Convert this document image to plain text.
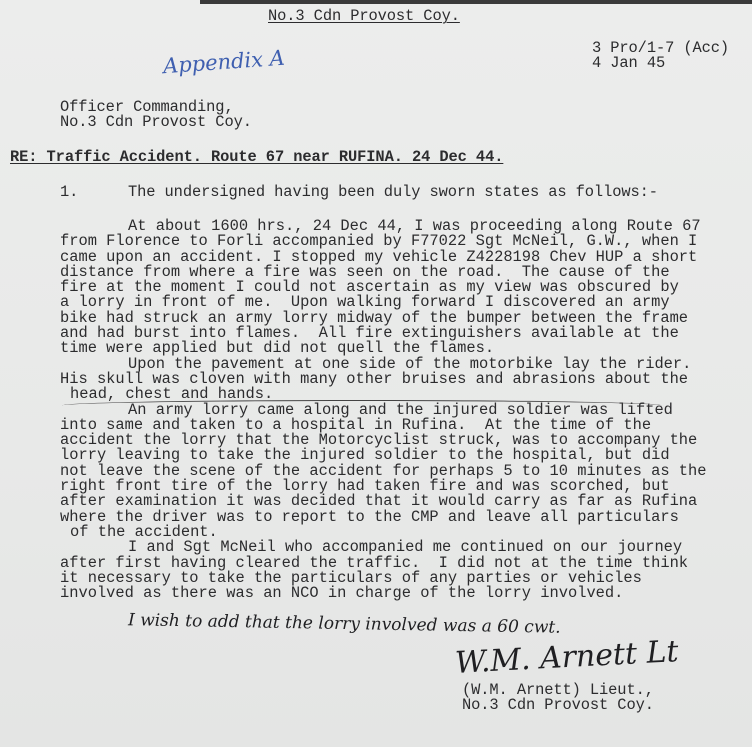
No.3 Cdn Provost Coy.
Appendix A	3 Pro/1-7 (Acc)
4 Jan 45
Officer Commanding,
No.3 Cdn Provost Coy.
RE: Traffic Accident. Route 67 near RUFINA. 24 Dec 44.
1.	The undersigned having been duly sworn states as follows:-
At about 1600 hrs., 24 Dec 44, I was proceeding along Route 67
from Florence to Forli accompanied by F77022 Sgt McNeil, G.W., when I
came upon an accident. I stopped my vehicle Z4228198 Chev HUP a short
distance from where a fire was seen on the road.  The cause of the
fire at the moment I could not ascertain as my view was obscured by
a lorry in front of me.  Upon walking forward I discovered an army
bike had struck an army lorry midway of the bumper between the frame
and had burst into flames.  All fire extinguishers available at the
time were applied but did not quell the flames.
Upon the pavement at one side of the motorbike lay the rider.
His skull was cloven with many other bruises and abrasions about the
head, chest and hands.
An army lorry came along and the injured soldier was lifted
into same and taken to a hospital in Rufina.  At the time of the
accident the lorry that the Motorcyclist struck, was to accompany the
lorry leaving to take the injured soldier to the hospital, but did
not leave the scene of the accident for perhaps 5 to 10 minutes as the
right front tire of the lorry had taken fire and was scorched, but
after examination it was decided that it would carry as far as Rufina
where the driver was to report to the CMP and leave all particulars
of the accident.
I and Sgt McNeil who accompanied me continued on our journey
after first having cleared the traffic.  I did not at the time think
it necessary to take the particulars of any parties or vehicles
involved as there was an NCO in charge of the lorry involved.
I wish to add that the lorry involved was a 60 cwt.
W.M. Arnett Lt
(W.M. Arnett) Lieut.,
No.3 Cdn Provost Coy.
